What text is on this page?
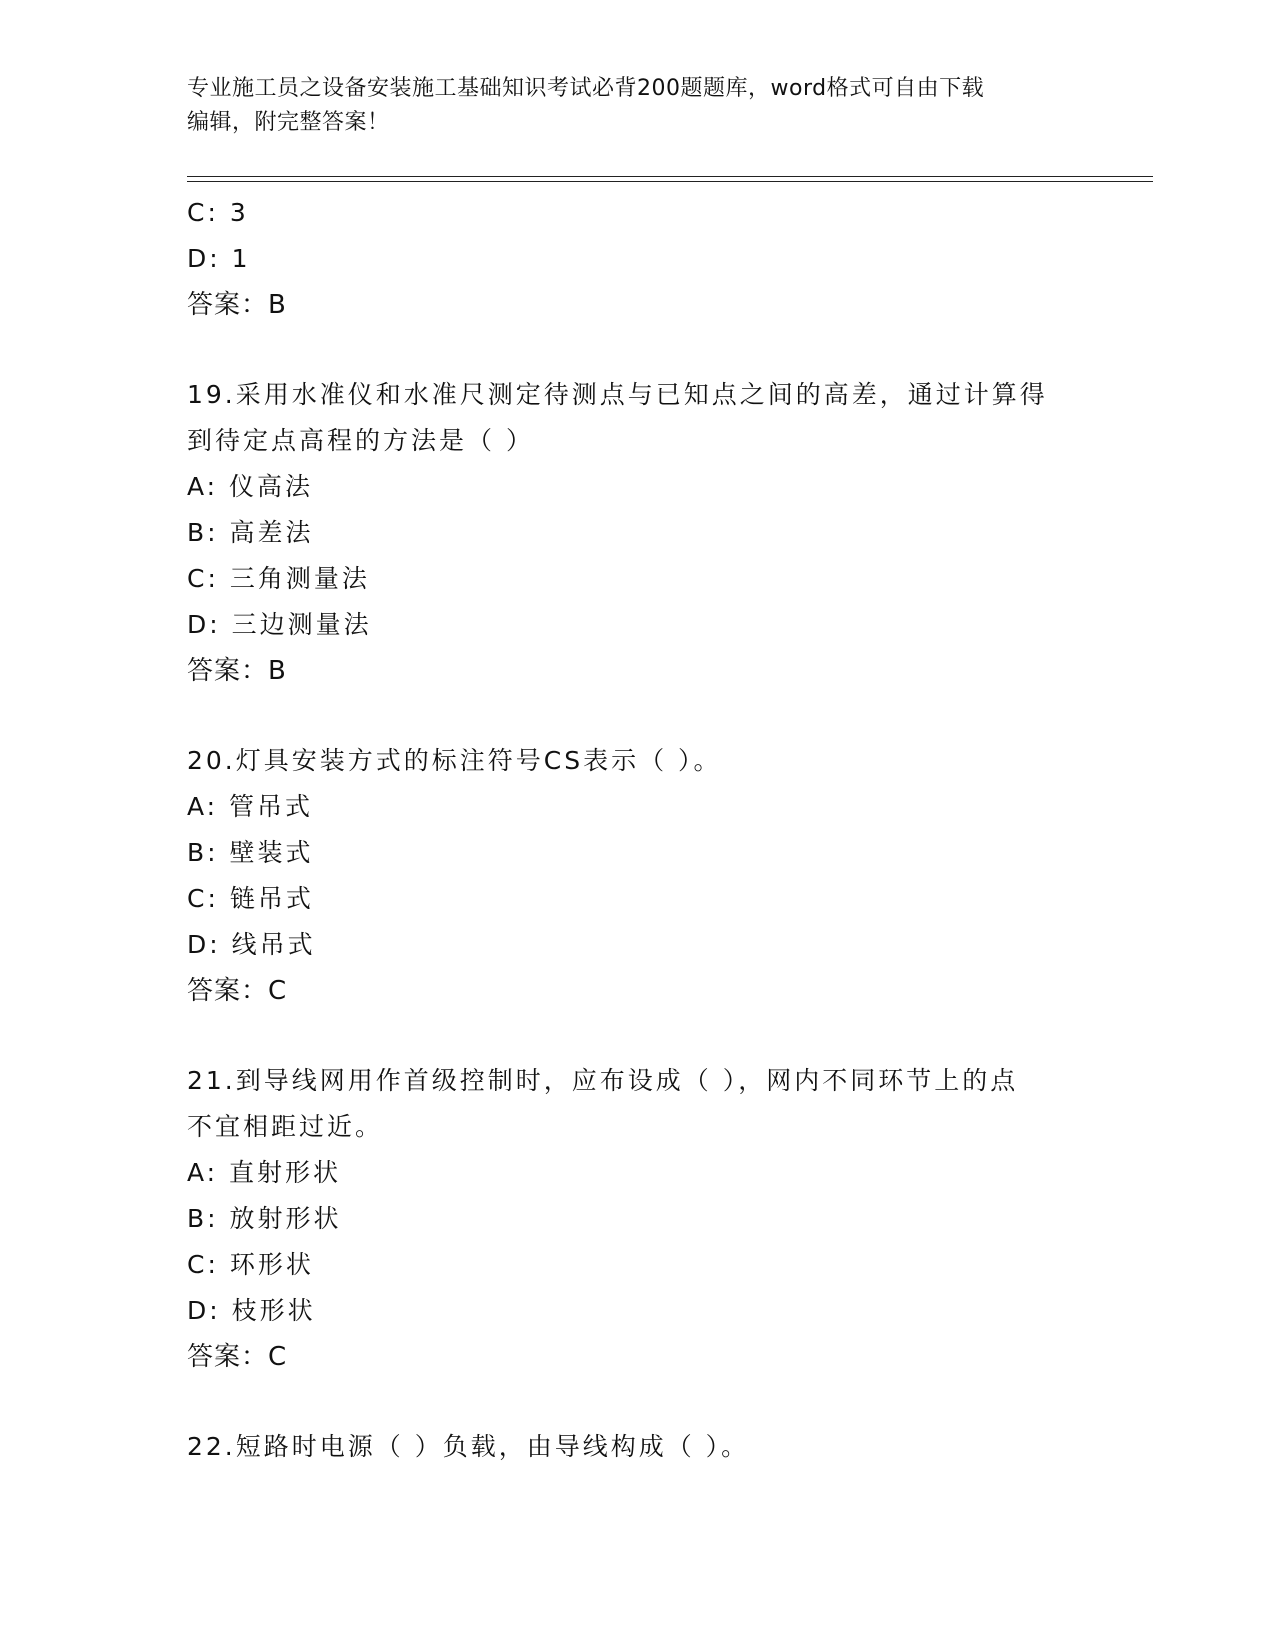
专业施工员之设备安装施工基础知识考试必背200题题库，word格式可自由下载
编辑，附完整答案！
C: 3
D: 1
答案：B
19.采用水准仪和水准尺测定待测点与已知点之间的高差，通过计算得
到待定点高程的方法是（ ）
A: 仪高法
B: 高差法
C: 三角测量法
D: 三边测量法
答案：B
20.灯具安装方式的标注符号CS表示（ ）。
A: 管吊式
B: 壁装式
C: 链吊式
D: 线吊式
答案：C
21.到导线网用作首级控制时，应布设成（ ），网内不同环节上的点
不宜相距过近。
A: 直射形状
B: 放射形状
C: 环形状
D: 枝形状
答案：C
22.短路时电源（ ）负载，由导线构成（ ）。
